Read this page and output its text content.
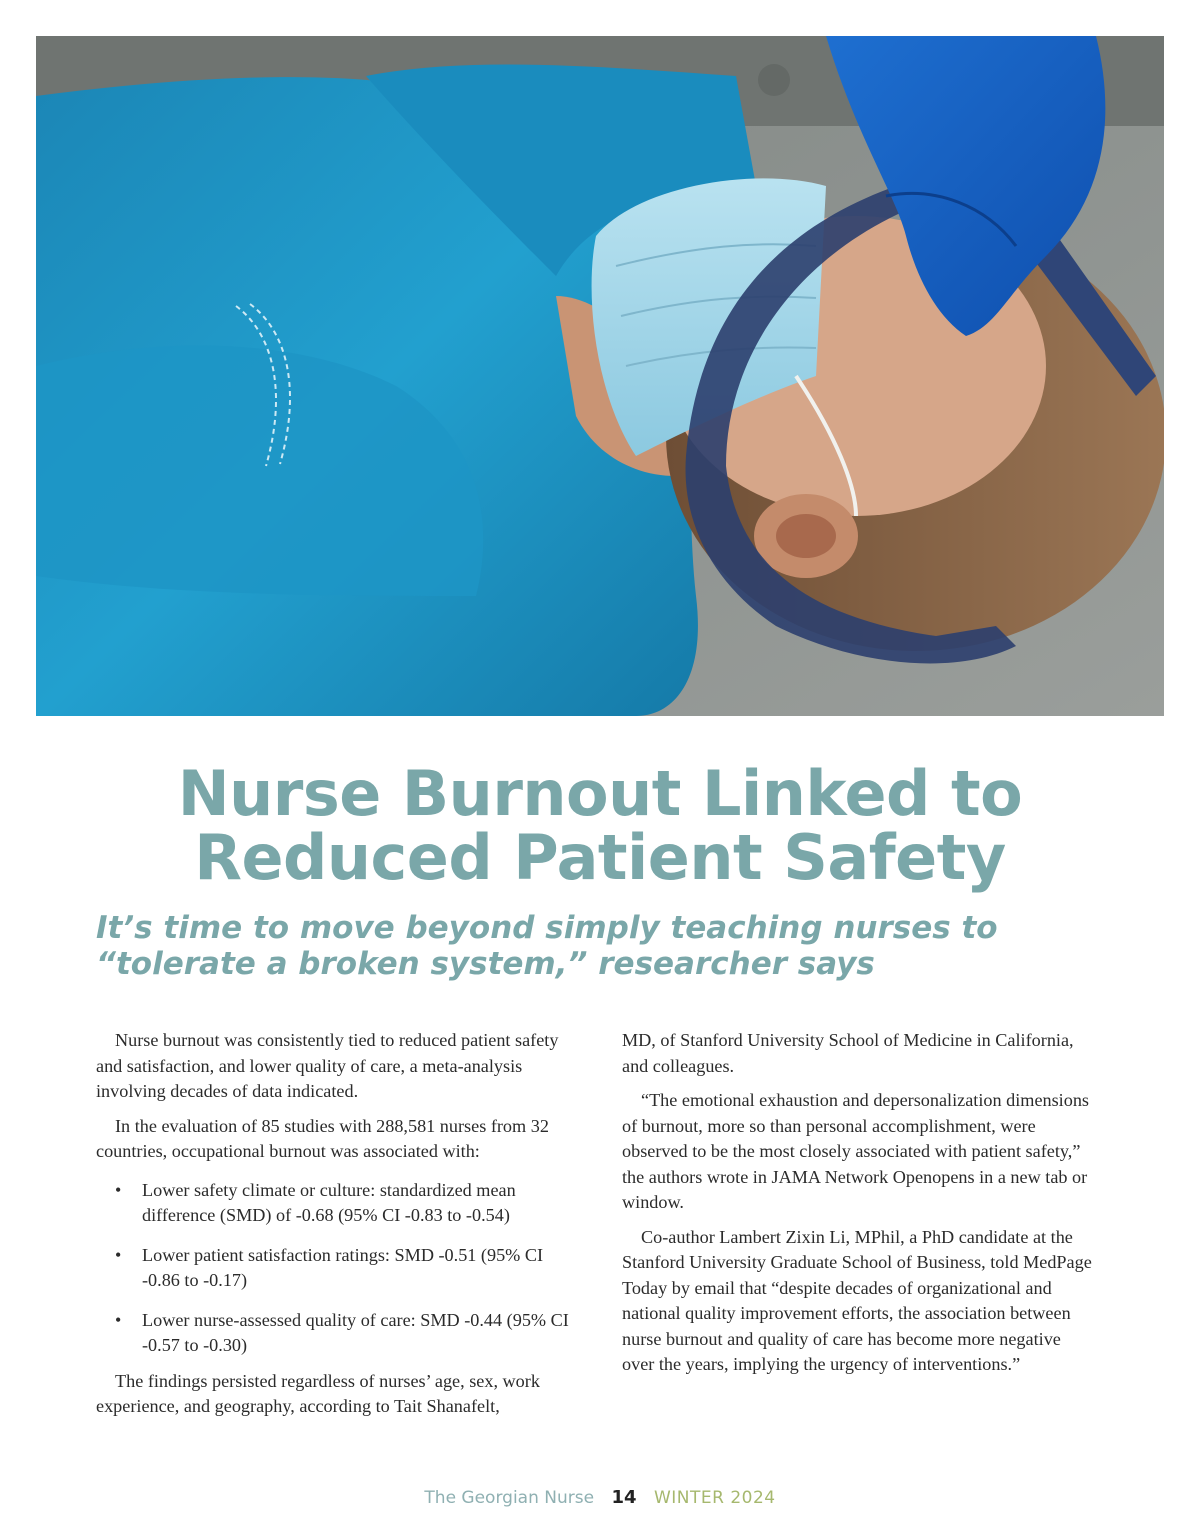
Nurse Burnout Linked to Reduced Patient Safety
It’s time to move beyond simply teaching nurses to “tolerate a broken system,” researcher says

Nurse burnout was consistently tied to reduced patient safety and satisfaction, and lower quality of care, a meta-analysis involving decades of data indicated.

In the evaluation of 85 studies with 288,581 nurses from 32 countries, occupational burnout was associated with:

• Lower safety climate or culture: standardized mean difference (SMD) of -0.68 (95% CI -0.83 to -0.54)
• Lower patient satisfaction ratings: SMD -0.51 (95% CI -0.86 to -0.17)
• Lower nurse-assessed quality of care: SMD -0.44 (95% CI -0.57 to -0.30)

The findings persisted regardless of nurses’ age, sex, work experience, and geography, according to Tait Shanafelt,

MD, of Stanford University School of Medicine in California, and colleagues.

“The emotional exhaustion and depersonalization dimensions of burnout, more so than personal accomplishment, were observed to be the most closely associated with patient safety,” the authors wrote in JAMA Network Openopens in a new tab or window.

Co-author Lambert Zixin Li, MPhil, a PhD candidate at the Stanford University Graduate School of Business, told MedPage Today by email that “despite decades of organizational and national quality improvement efforts, the association between nurse burnout and quality of care has become more negative over the years, implying the urgency of interventions.”

The Georgian Nurse 14 WINTER 2024
